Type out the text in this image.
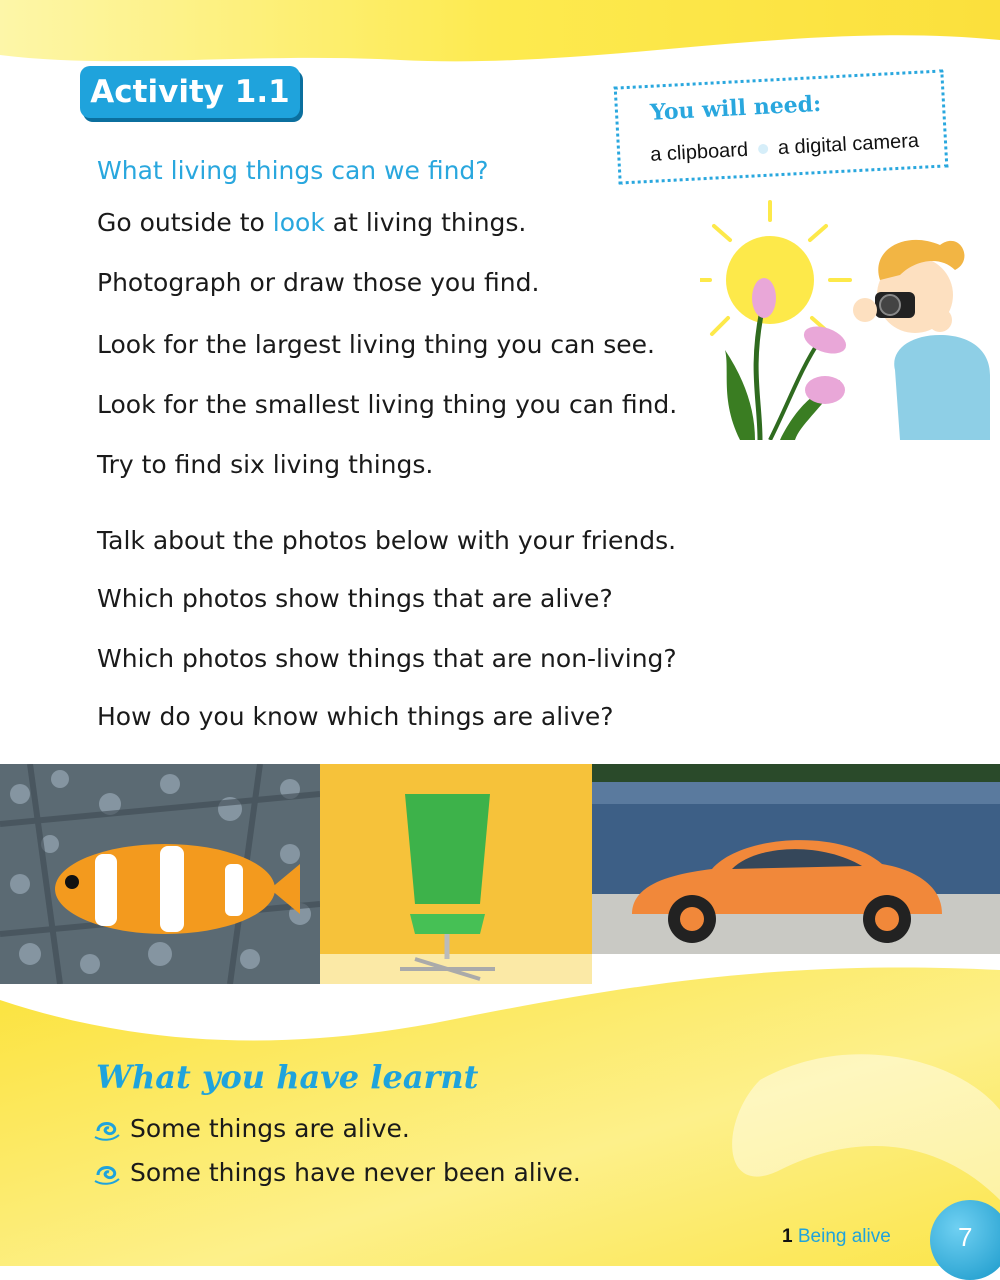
Activity 1.1	You will need:
a clipboard a digital camera
What living things can we find?
Go outside to look at living things.
Photograph or draw those you find.
Look for the largest living thing you can see.
Look for the smallest living thing you can find.
Try to find six living things.
Talk about the photos below with your friends.
Which photos show things that are alive?
Which photos show things that are non-living?
How do you know which things are alive?
What you have learnt
Some things are alive.
Some things have never been alive.
1 Being alive	7
